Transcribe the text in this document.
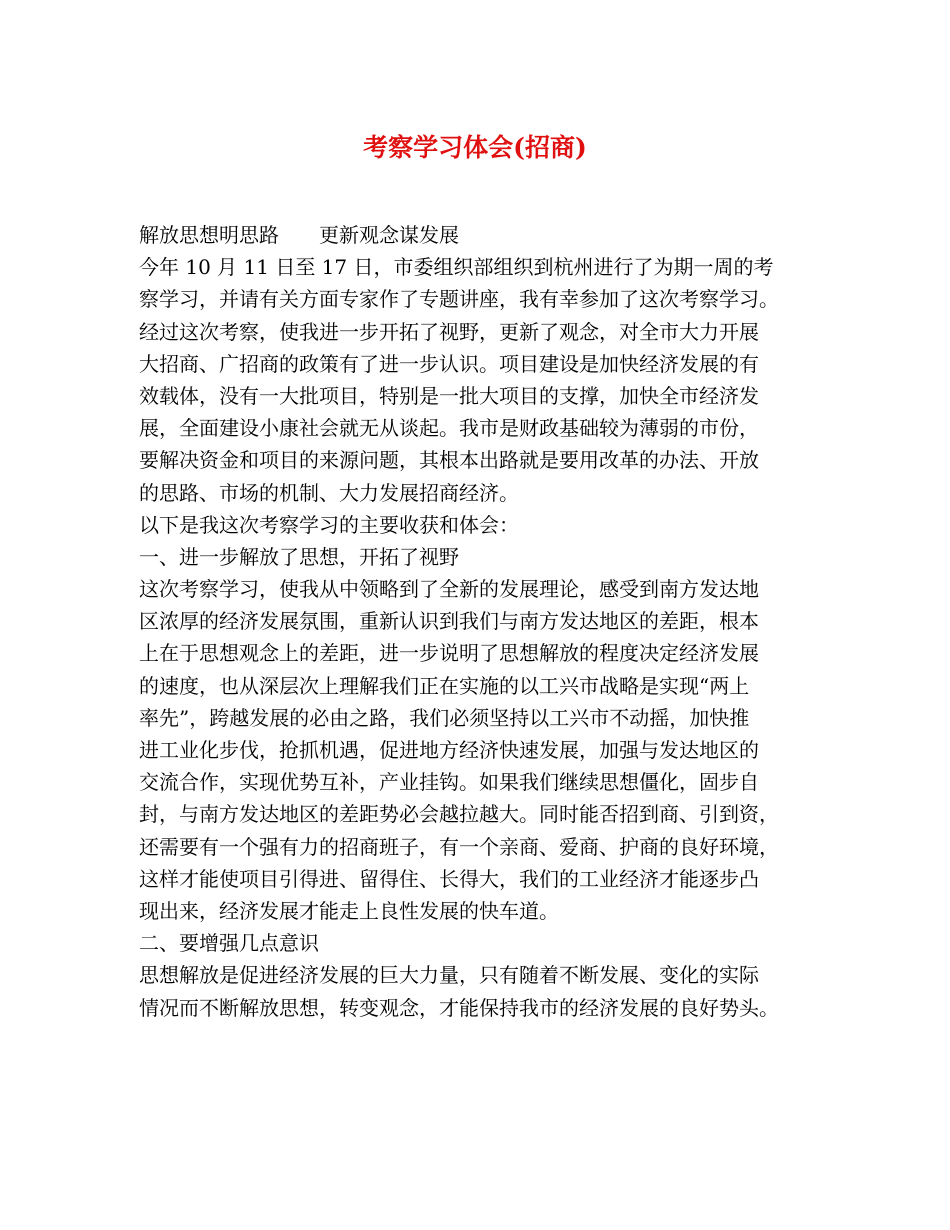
考察学习体会(招商)
解放思想明思路　　更新观念谋发展
今年 10 月 11 日至 17 日，市委组织部组织到杭州进行了为期一周的考
察学习，并请有关方面专家作了专题讲座，我有幸参加了这次考察学习。
经过这次考察，使我进一步开拓了视野，更新了观念，对全市大力开展
大招商、广招商的政策有了进一步认识。项目建设是加快经济发展的有
效载体，没有一大批项目，特别是一批大项目的支撑，加快全市经济发
展，全面建设小康社会就无从谈起。我市是财政基础较为薄弱的市份，
要解决资金和项目的来源问题，其根本出路就是要用改革的办法、开放
的思路、市场的机制、大力发展招商经济。
以下是我这次考察学习的主要收获和体会：
一、进一步解放了思想，开拓了视野
这次考察学习，使我从中领略到了全新的发展理论，感受到南方发达地
区浓厚的经济发展氛围，重新认识到我们与南方发达地区的差距，根本
上在于思想观念上的差距，进一步说明了思想解放的程度决定经济发展
的速度，也从深层次上理解我们正在实施的以工兴市战略是实现“两上
率先”，跨越发展的必由之路，我们必须坚持以工兴市不动摇，加快推
进工业化步伐，抢抓机遇，促进地方经济快速发展，加强与发达地区的
交流合作，实现优势互补，产业挂钩。如果我们继续思想僵化，固步自
封，与南方发达地区的差距势必会越拉越大。同时能否招到商、引到资，
还需要有一个强有力的招商班子，有一个亲商、爱商、护商的良好环境，
这样才能使项目引得进、留得住、长得大，我们的工业经济才能逐步凸
现出来，经济发展才能走上良性发展的快车道。
二、要增强几点意识
思想解放是促进经济发展的巨大力量，只有随着不断发展、变化的实际
情况而不断解放思想，转变观念，才能保持我市的经济发展的良好势头。
